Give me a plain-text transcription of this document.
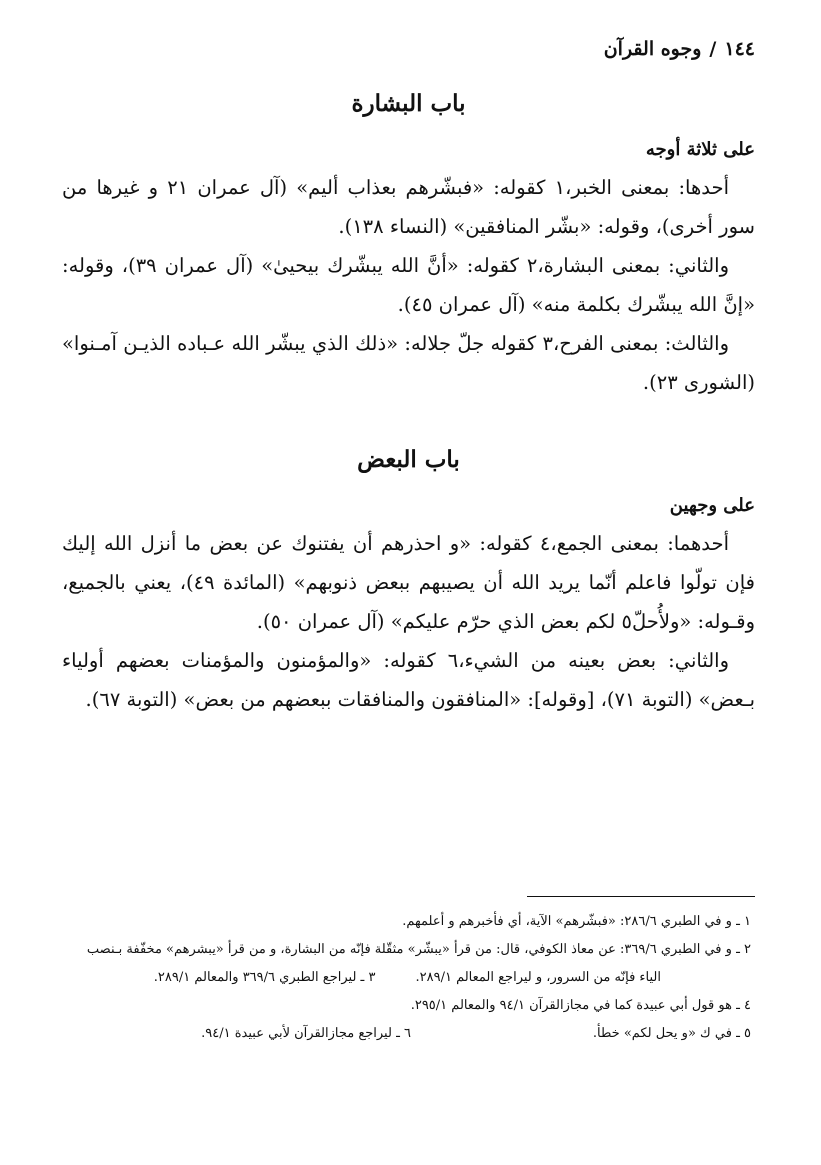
١٤٤/وجوه القرآن
باب البشارة
على ثلاثة أوجه

أحدها: بمعنى الخبر،١ كقوله: «فبشّرهم بعذاب أليم» (آل عمران ٢١ و غيرها من سور أخرى)، وقوله: «بشّر المنافقين» (النساء ١٣٨).

والثاني: بمعنى البشارة،٢ كقوله: «أنَّ الله يبشّرك بيحيىٰ» (آل عمران ٣٩)، وقوله: «إنَّ الله يبشّرك بكلمة منه» (آل عمران ٤٥).

والثالث: بمعنى الفرح،٣ كقوله جلّ جلاله: «ذلك الذي يبشّر الله عـباده الذيـن آمـنوا» (الشورى ٢٣).

باب البعض
على وجهين

أحدهما: بمعنى الجمع،٤ كقوله: «و احذرهم أن يفتنوك عن بعض ما أنزل الله إليك فإن تولّوا فاعلم أنّما يريد الله أن يصيبهم ببعض ذنوبهم» (المائدة ٤٩)، يعني بالجميع، وقـوله: «ولأُحلّ٥ لكم بعض الذي حرّم عليكم» (آل عمران ٥٠).

والثاني: بعض بعينه من الشيء،٦ كقوله: «والمؤمنون والمؤمنات بعضهم أولياء بـعض» (التوبة ٧١)، [وقوله]: «المنافقون والمنافقات ببعضهم من بعض» (التوبة ٦٧).

١ ـ و في الطبري ٢٨٦/٦: «فبشّرهم» الآية، أي فأخبرهم و أعلمهم.

٢ ـ و في الطبري ٣٦٩/٦: عن معاذ الكوفي، قال: من قرأ «يبشّر» مثقّلة فإنّه من البشارة، و من قرأ «يبشرهم» مخفّفة بـنصب

الياء فإنّه من السرور، و ليراجع المعالم ٢٨٩/١.
٣ ـ ليراجع الطبري ٣٦٩/٦ والمعالم ٢٨٩/١.

٤ ـ هو قول أبي عبيدة كما في مجازالقرآن ٩٤/١ والمعالم ٢٩٥/١.

٥ ـ في ك «و يحل لكم» خطأ.
٦ ـ ليراجع مجازالقرآن لأبي عبيدة ٩٤/١.
